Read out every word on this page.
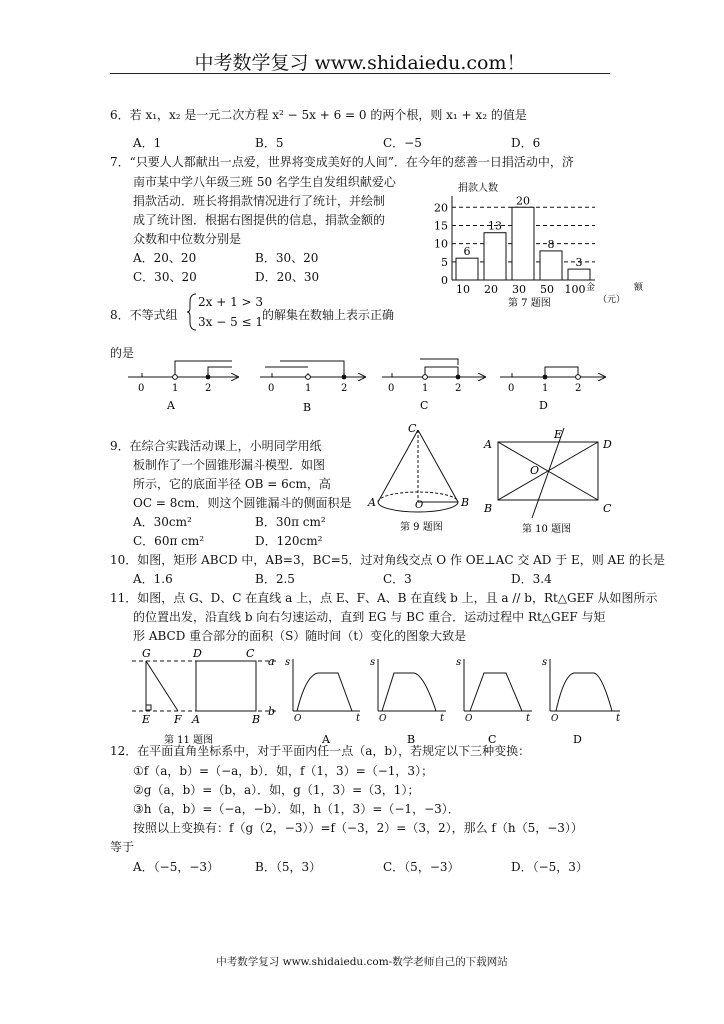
中考数学复习 www.shidaiedu.com！
6．若 x₁，x₂ 是一元二次方程 x² − 5x + 6 = 0 的两个根，则 x₁ + x₂ 的值是
A．1	B．5	C．−5	D．6
7．“只要人人都献出一点爱，世界将变成美好的人间”．在今年的慈善一日捐活动中，济
南市某中学八年级三班 50 名学生自发组织献爱心
捐款活动．班长将捐款情况进行了统计，并绘制
成了统计图．根据右图提供的信息，捐款金额的
众数和中位数分别是
A．20、20	B．30、20
C．30、20	D．20、30
捐款人数
0
5
10
15
20
10 20 30 50 100
6
13
20
8
3
金	额
（元）
第 7 题图
8．不等式组
2x + 1 > 3
3x − 5 ≤ 1
的解集在数轴上表示正确
的是
0	1	2
A
0	1	2
B
0	1	2
C
0	1	2
D
9．在综合实践活动课上，小明同学用纸
板制作了一个圆锥形漏斗模型．如图
所示，它的底面半径 OB = 6cm，高
OC = 8cm．则这个圆锥漏斗的侧面积是
A．30cm²	B．30π cm²
C．60π cm²	D．120cm²
C
A	O	B
第 9 题图
E
A	D
O
B	C
第 10 题图
10．如图，矩形 ABCD 中，AB=3，BC=5．过对角线交点 O 作 OE⊥AC 交 AD 于 E，则 AE 的长是
A．1.6	B．2.5	C．3	D．3.4
11．如图，点 G、D、C 在直线 a 上，点 E、F、A、B 在直线 b 上，且 a // b，Rt△GEF 从如图所示
的位置出发，沿直线 b 向右匀速运动，直到 EG 与 BC 重合．运动过程中 Rt△GEF 与矩
形 ABCD 重合部分的面积（S）随时间（t）变化的图象大致是
G	D	C
a
E F A	B
b
第 11 题图
s
t
O
A
s
t
O
B
s
t
O
C
s
t
O
D
12．在平面直角坐标系中，对于平面内任一点（a，b），若规定以下三种变换：
①f（a，b）=（−a，b）．如，f（1，3）=（−1，3）；
②g（a，b）=（b，a）．如，g（1，3）=（3，1）；
③h（a，b）=（−a，−b）．如，h（1，3）=（−1，−3）．
按照以上变换有：f（g（2，−3））=f（−3，2）=（3，2），那么 f（h（5，−3））
等于
A．（−5，−3）	B．（5，3）	C．（5，−3）	D．（−5，3）
中考数学复习 www.shidaiedu.com-数学老师自己的下载网站
